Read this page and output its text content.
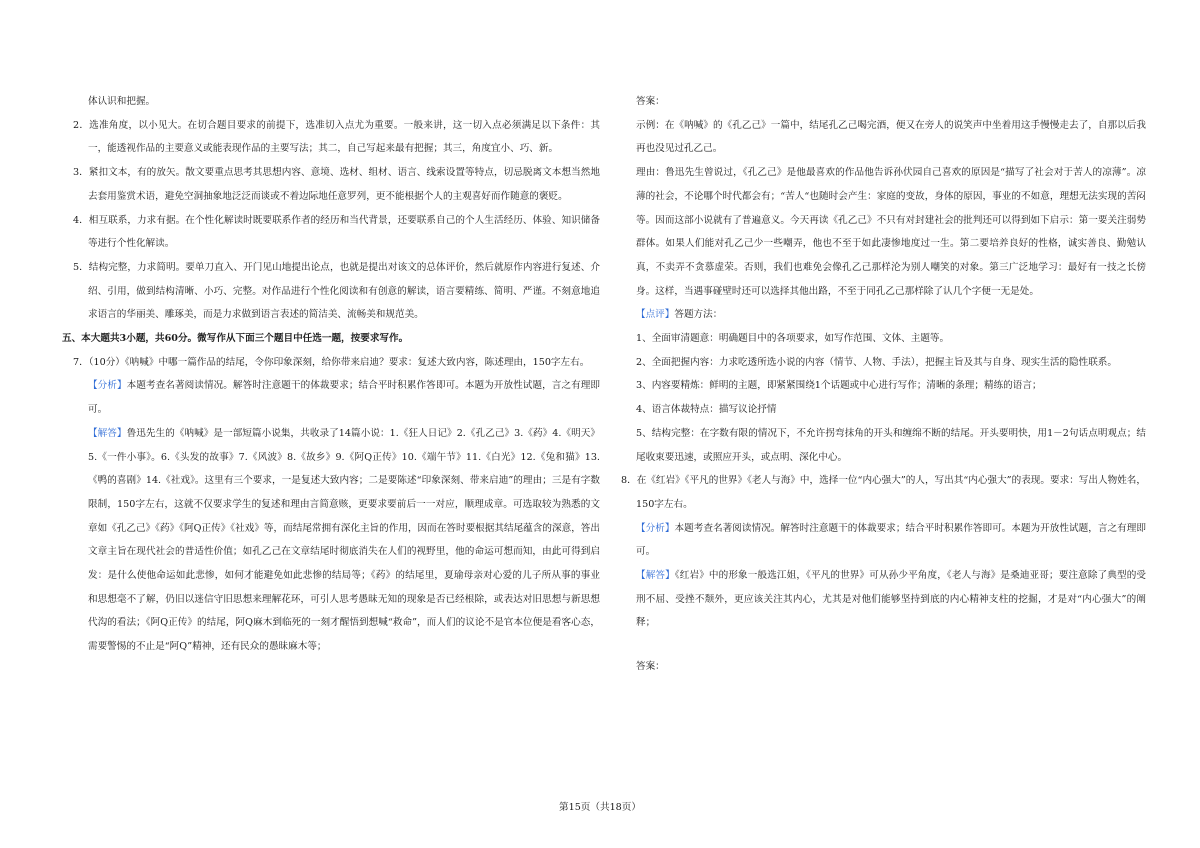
体认识和把握。

2．选准角度，以小见大。在切合题目要求的前提下，选准切入点尤为重要。一般来讲，这一切入点必须满足以下条件：其一，能透视作品的主要意义或能表现作品的主要写法；其二，自己写起来最有把握；其三，角度宜小、巧、新。

3．紧扣文本，有的放矢。散文要重点思考其思想内容、意境、选材、组材、语言、线索设置等特点，切忌脱离文本想当然地去套用鉴赏术语，避免空洞抽象地泛泛而谈或不着边际地任意罗列，更不能根据个人的主观喜好而作随意的褒贬。

4．相互联系，力求有据。在个性化解读时既要联系作者的经历和当代背景，还要联系自己的个人生活经历、体验、知识储备等进行个性化解读。

5．结构完整，力求简明。要单刀直入、开门见山地提出论点，也就是提出对该文的总体评价，然后就原作内容进行复述、介绍、引用，做到结构清晰、小巧、完整。对作品进行个性化阅读和有创意的解读，语言要精练、简明、严谨。不刻意地追求语言的华丽美、雕琢美，而是力求做到语言表述的简洁美、流畅美和规范美。

五、本大题共3小题，共60分。微写作从下面三个题目中任选一题，按要求写作。

7．（10分）《呐喊》中哪一篇作品的结尾，令你印象深刻，给你带来启迪？要求：复述大致内容，陈述理由，150字左右。

【分析】本题考查名著阅读情况。解答时注意题干的体裁要求；结合平时积累作答即可。本题为开放性试题，言之有理即可。

【解答】鲁迅先生的《呐喊》是一部短篇小说集，共收录了14篇小说：1.《狂人日记》2.《孔乙己》3.《药》4.《明天》5.《一件小事》。6.《头发的故事》7.《风波》8.《故乡》9.《阿Q正传》10.《端午节》11.《白光》12.《兔和猫》13.《鸭的喜剧》14.《社戏》。这里有三个要求，一是复述大致内容；二是要陈述“印象深刻、带来启迪”的理由；三是有字数限制，150字左右，这就不仅要求学生的复述和理由言简意赅，更要求要前后一一对应，顺理成章。可选取较为熟悉的文章如《孔乙己》《药》《阿Q正传》《社戏》等，而结尾常拥有深化主旨的作用，因而在答时要根据其结尾蕴含的深意，答出文章主旨在现代社会的普适性价值；如孔乙己在文章结尾时彻底消失在人们的视野里，他的命运可想而知，由此可得到启发：是什么使他命运如此悲惨，如何才能避免如此悲惨的结局等；《药》的结尾里，夏瑜母亲对心爱的儿子所从事的事业和思想毫不了解，仍旧以迷信守旧思想来理解花环，可引人思考愚昧无知的现象是否已经根除，或表达对旧思想与新思想代沟的看法；《阿Q正传》的结尾，阿Q麻木到临死的一刻才醒悟到想喊“救命”，而人们的议论不是官本位便是看客心态，需要警惕的不止是“阿Q”精神，还有民众的愚昧麻木等；

答案：

示例：在《呐喊》的《孔乙己》一篇中，结尾孔乙己喝完酒，便又在旁人的说笑声中坐着用这手慢慢走去了，自那以后我再也没见过孔乙己。

理由：鲁迅先生曾说过，《孔乙己》是他最喜欢的作品他告诉孙伏园自己喜欢的原因是“描写了社会对于苦人的凉薄”。凉薄的社会，不论哪个时代都会有；“苦人“也随时会产生：家庭的变故，身体的原因，事业的不如意，理想无法实现的苦闷等。因而这部小说就有了普遍意义。今天再读《孔乙己》不只有对封建社会的批判还可以得到如下启示：第一要关注弱势群体。如果人们能对孔乙己少一些嘲弄，他也不至于如此凄惨地度过一生。第二要培养良好的性格，诚实善良、勤勉认真，不卖弄不贪慕虚荣。否则，我们也难免会像孔乙己那样沦为别人嘲笑的对象。第三广泛地学习：最好有一技之长傍身。这样，当遇事碰壁时还可以选择其他出路，不至于同孔乙己那样除了认几个字便一无是处。

【点评】答题方法：

1、全面审清题意：明确题目中的各项要求，如写作范围、文体、主题等。

2、全面把握内容：力求吃透所选小说的内容（情节、人物、手法），把握主旨及其与自身、现实生活的隐性联系。

3、内容要精炼：鲜明的主题，即紧紧围绕1个话题或中心进行写作；清晰的条理；精练的语言；

4、语言体裁特点：描写议论抒情

5、结构完整：在字数有限的情况下，不允许拐弯抹角的开头和缠绵不断的结尾。开头要明快，用1－2句话点明观点；结尾收束要迅速，或照应开头，或点明、深化中心。

8．在《红岩》《平凡的世界》《老人与海》中，选择一位“内心强大”的人，写出其“内心强大”的表现。要求：写出人物姓名，150字左右。

【分析】本题考查名著阅读情况。解答时注意题干的体裁要求；结合平时积累作答即可。本题为开放性试题，言之有理即可。

【解答】《红岩》中的形象一般选江姐，《平凡的世界》可从孙少平角度，《老人与海》是桑迪亚哥；要注意除了典型的受刑不屈、受挫不颓外，更应该关注其内心，尤其是对他们能够坚持到底的内心精神支柱的挖掘，才是对“内心强大”的阐释；

答案：

第15页（共18页）
